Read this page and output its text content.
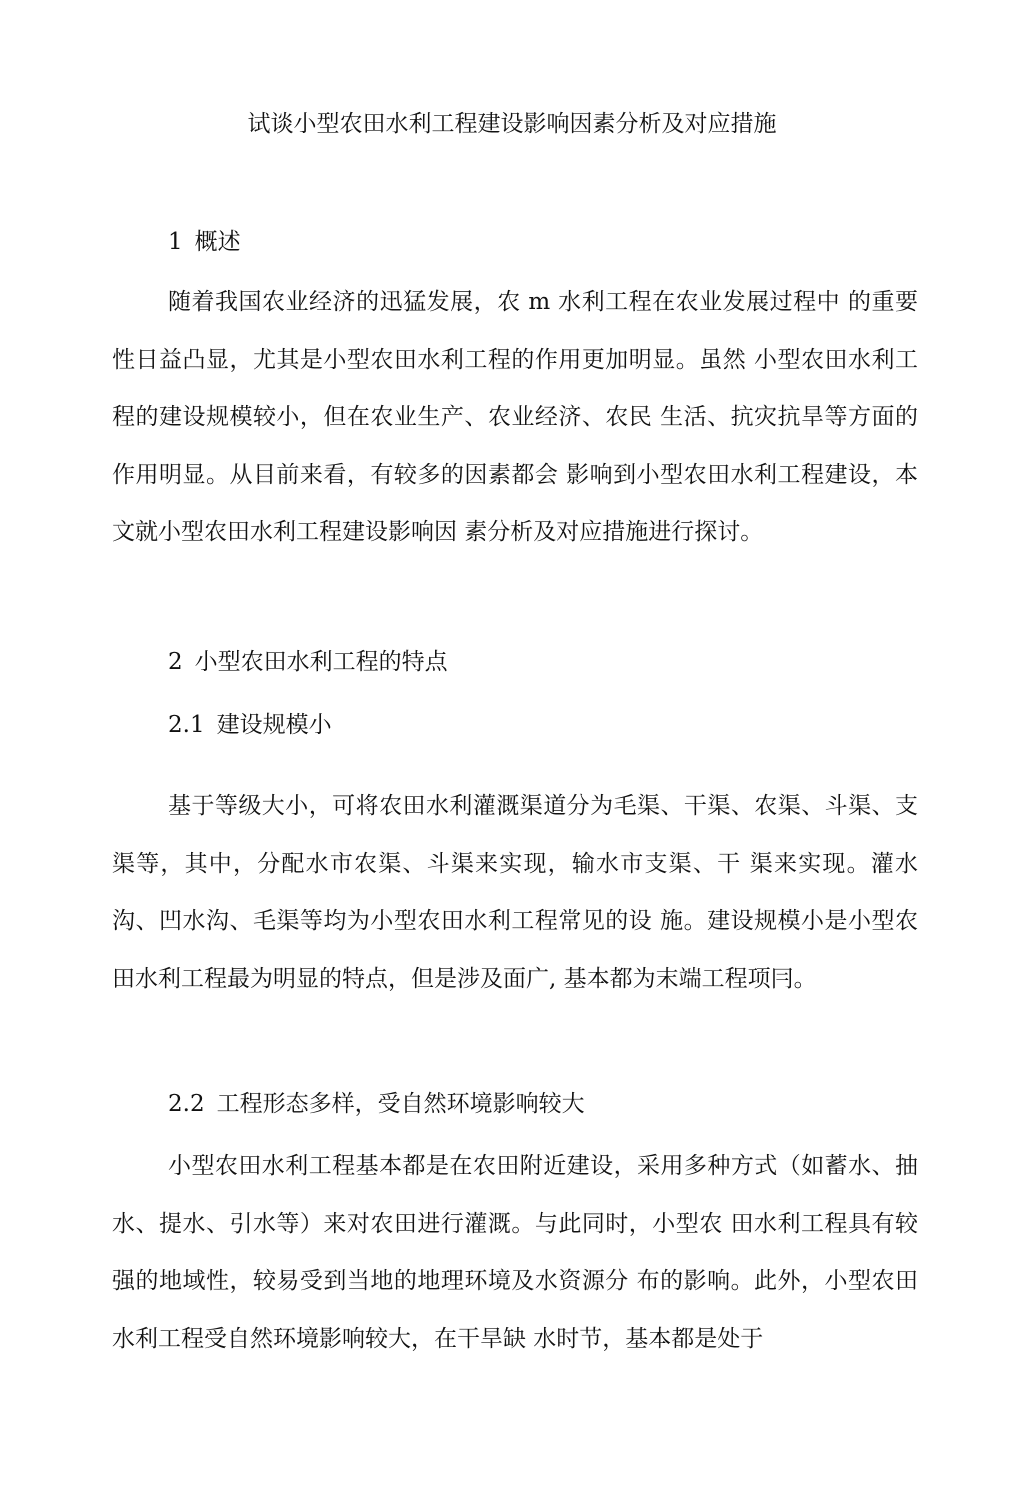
试谈小型农田水利工程建设影响因素分析及对应措施
1 概述

随着我国农业经济的迅猛发展，农 m 水利工程在农业发展过程中 的重要性日益凸显，尤其是小型农田水利工程的作用更加明显。虽然 小型农田水利工程的建设规模较小，但在农业生产、农业经济、农民 生活、抗灾抗旱等方面的作用明显。从目前来看，有较多的因素都会 影响到小型农田水利工程建设，本文就小型农田水利工程建设影响因 素分析及对应措施进行探讨。

2 小型农田水利工程的特点
2.1 建设规模小

基于等级大小，可将农田水利灌溉渠道分为毛渠、干渠、农渠、斗渠、支渠等，其中，分配水市农渠、斗渠来实现，输水市支渠、干 渠来实现。灌水沟、凹水沟、毛渠等均为小型农田水利工程常见的设 施。建设规模小是小型农田水利工程最为明显的特点，但是涉及面广, 基本都为末端工程项冃。

2.2 工程形态多样，受自然环境影响较大

小型农田水利工程基本都是在农田附近建设，采用多种方式（如蓄水、抽水、提水、引水等）来对农田进行灌溉。与此同时，小型农 田水利工程具有较强的地域性，较易受到当地的地理环境及水资源分 布的影响。此外，小型农田水利工程受自然环境影响较大，在干旱缺 水时节，基本都是处于
